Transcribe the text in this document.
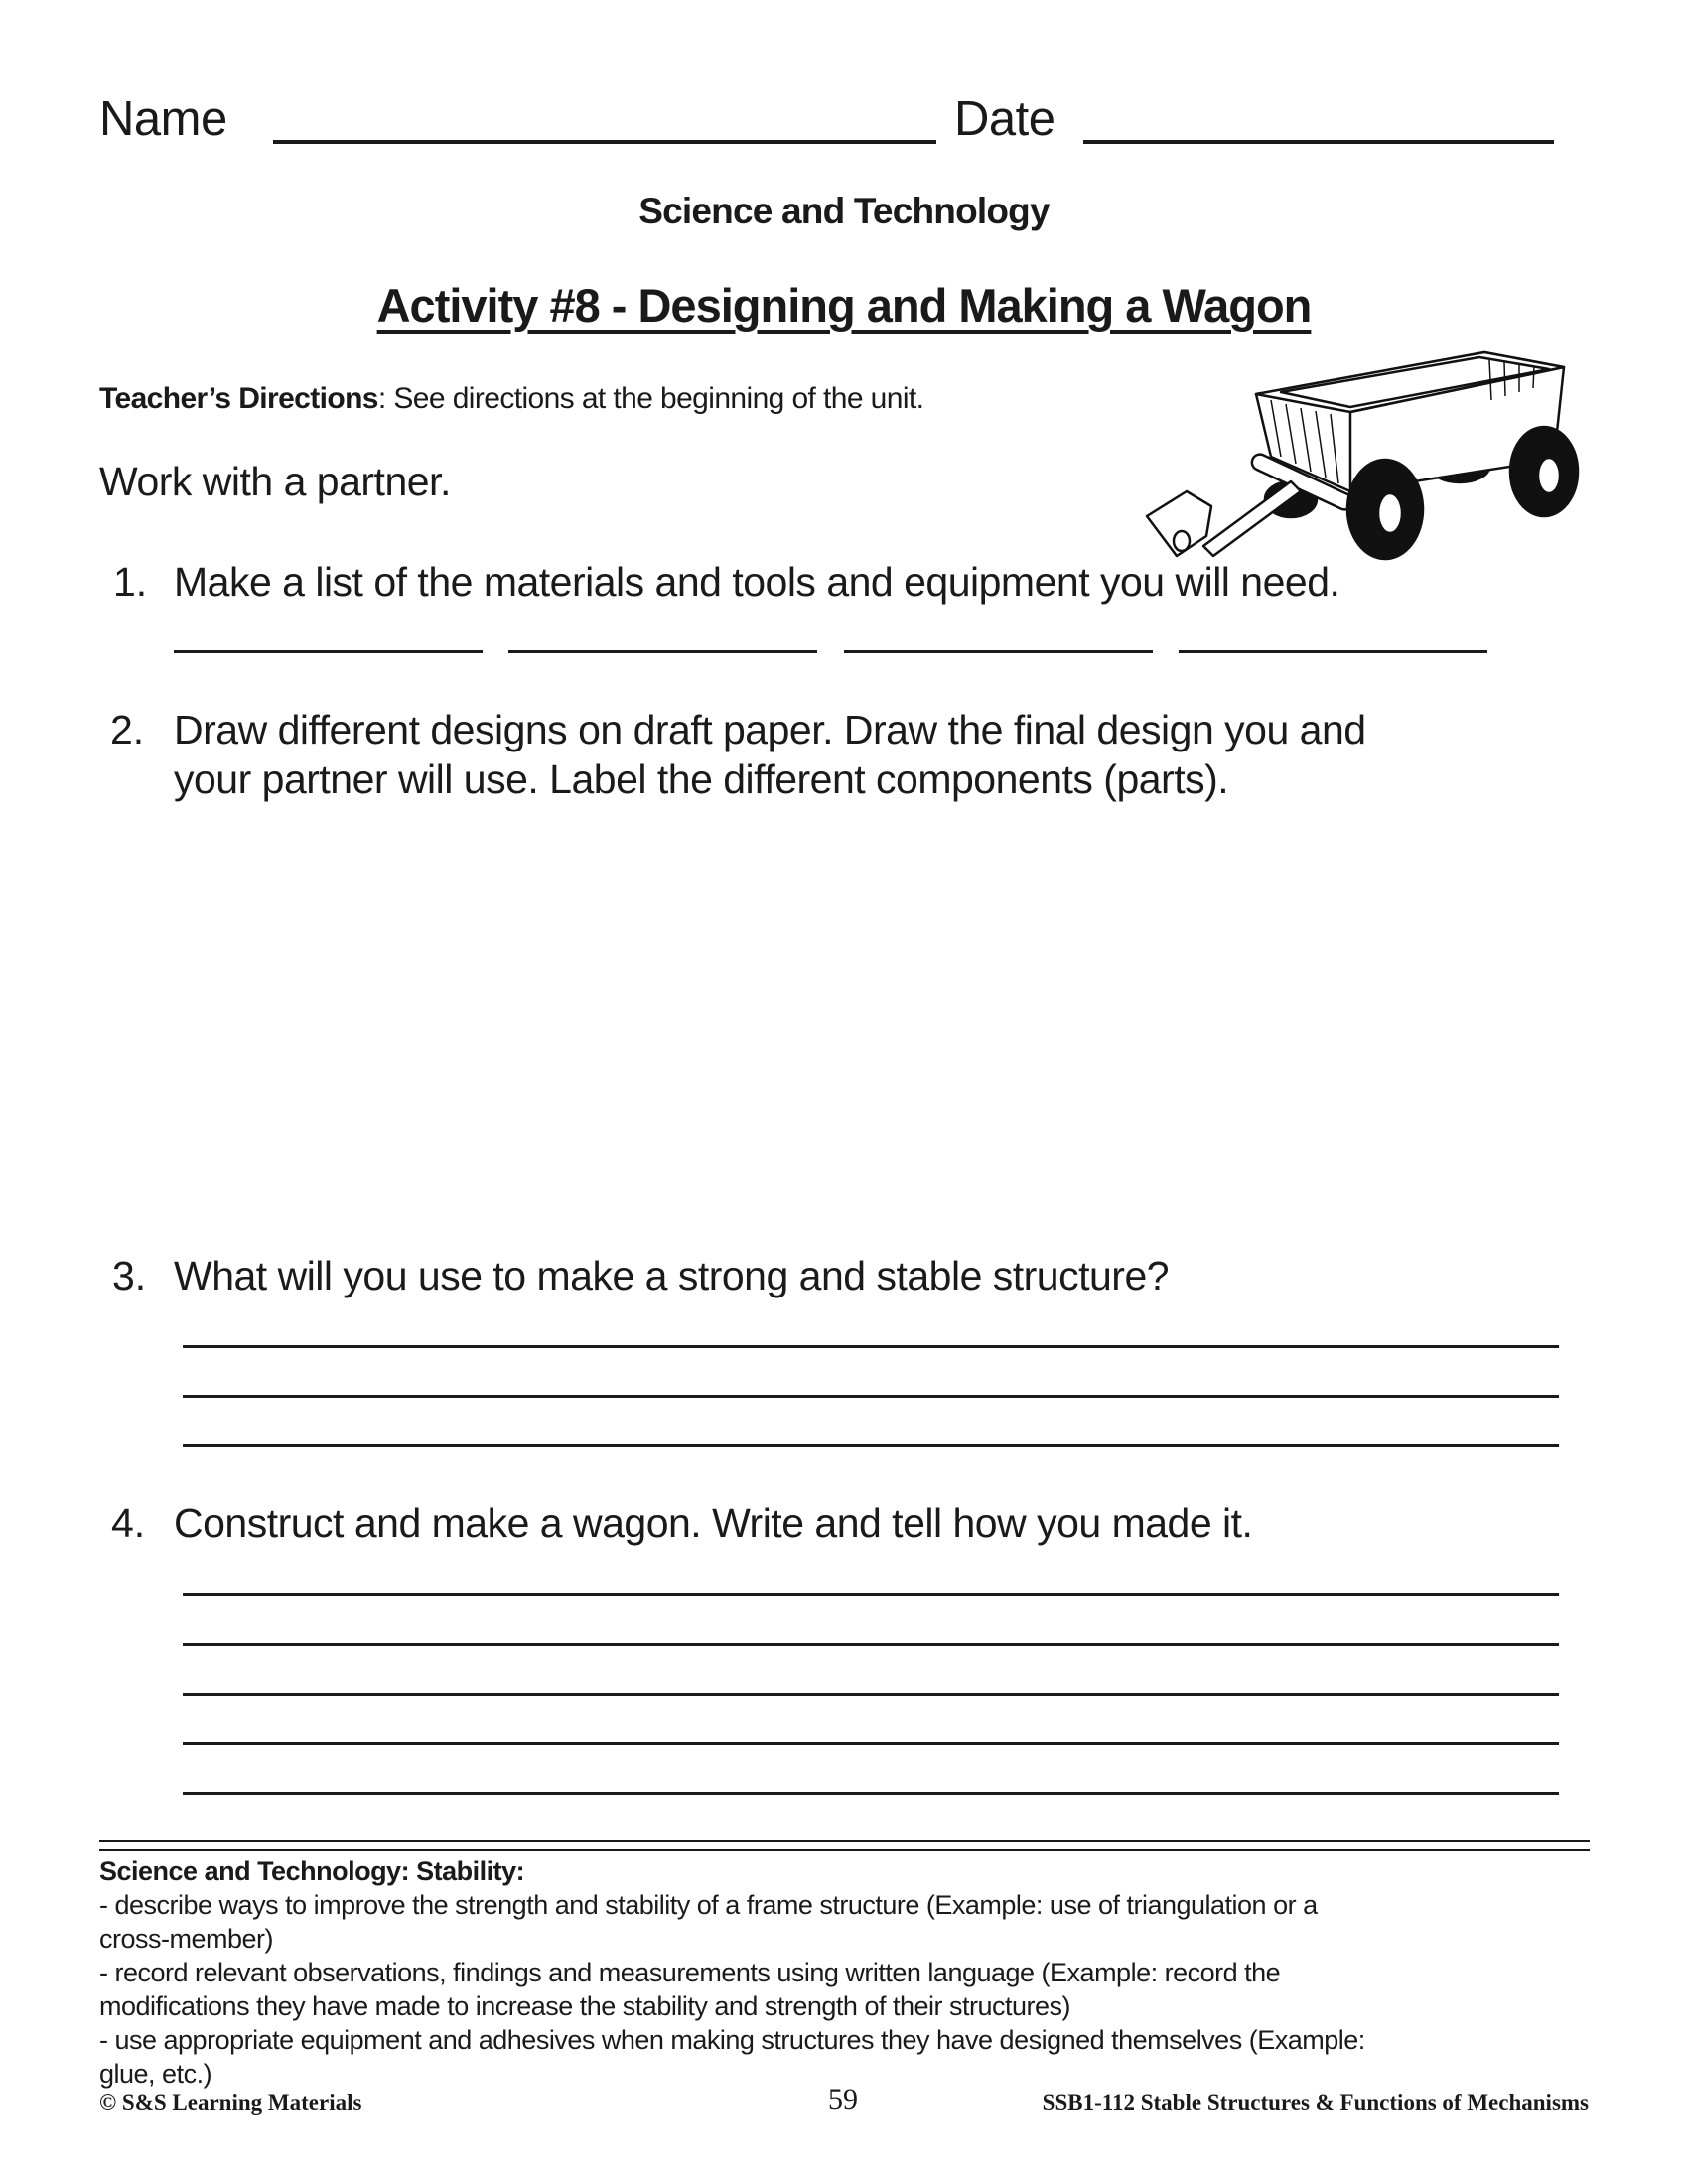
Name	Date
Science and Technology
Activity #8 - Designing and Making a Wagon
Teacher’s Directions: See directions at the beginning of the unit.
Work with a partner.
1. Make a list of the materials and tools and equipment you will need.
2. Draw different designs on draft paper. Draw the final design you and
your partner will use. Label the different components (parts).
3. What will you use to make a strong and stable structure?
4. Construct and make a wagon. Write and tell how you made it.
Science and Technology: Stability:
- describe ways to improve the strength and stability of a frame structure (Example: use of triangulation or a
cross-member)
- record relevant observations, findings and measurements using written language (Example: record the
modifications they have made to increase the stability and strength of their structures)
- use appropriate equipment and adhesives when making structures they have designed themselves (Example:
glue, etc.)
© S&S Learning Materials	59	SSB1-112 Stable Structures & Functions of Mechanisms
